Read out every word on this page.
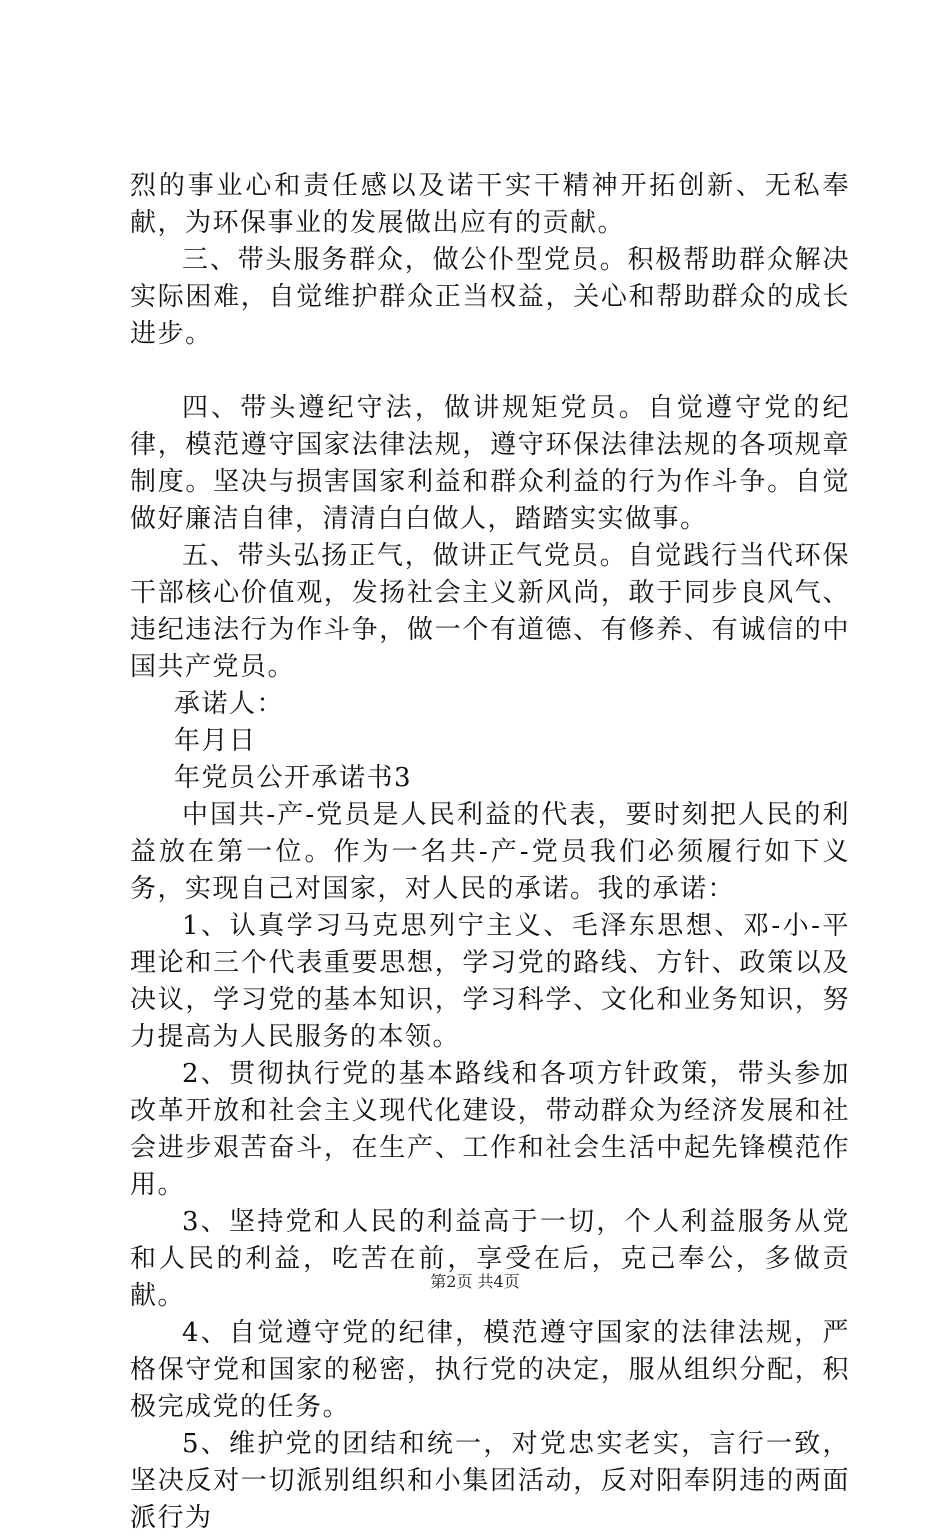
烈的事业心和责任感以及诺干实干精神开拓创新、无私奉献，为环保事业的发展做出应有的贡献。

三、带头服务群众，做公仆型党员。积极帮助群众解决实际困难，自觉维护群众正当权益，关心和帮助群众的成长进步。

四、带头遵纪守法，做讲规矩党员。自觉遵守党的纪律，模范遵守国家法律法规，遵守环保法律法规的各项规章制度。坚决与损害国家利益和群众利益的行为作斗争。自觉做好廉洁自律，清清白白做人，踏踏实实做事。

五、带头弘扬正气，做讲正气党员。自觉践行当代环保干部核心价值观，发扬社会主义新风尚，敢于同步良风气、违纪违法行为作斗争，做一个有道德、有修养、有诚信的中国共产党员。

承诺人：

年月日

年党员公开承诺书3

中国共-产-党员是人民利益的代表，要时刻把人民的利益放在第一位。作为一名共-产-党员我们必须履行如下义务，实现自己对国家，对人民的承诺。我的承诺：

1、认真学习马克思列宁主义、毛泽东思想、邓-小-平理论和三个代表重要思想，学习党的路线、方针、政策以及决议，学习党的基本知识，学习科学、文化和业务知识，努力提高为人民服务的本领。

2、贯彻执行党的基本路线和各项方针政策，带头参加改革开放和社会主义现代化建设，带动群众为经济发展和社会进步艰苦奋斗，在生产、工作和社会生活中起先锋模范作用。

3、坚持党和人民的利益高于一切，个人利益服务从党和人民的利益，吃苦在前，享受在后，克己奉公，多做贡献。

4、自觉遵守党的纪律，模范遵守国家的法律法规，严格保守党和国家的秘密，执行党的决定，服从组织分配，积极完成党的任务。

5、维护党的团结和统一，对党忠实老实，言行一致，坚决反对一切派别组织和小集团活动，反对阳奉阴违的两面派行为

第2页 共4页
